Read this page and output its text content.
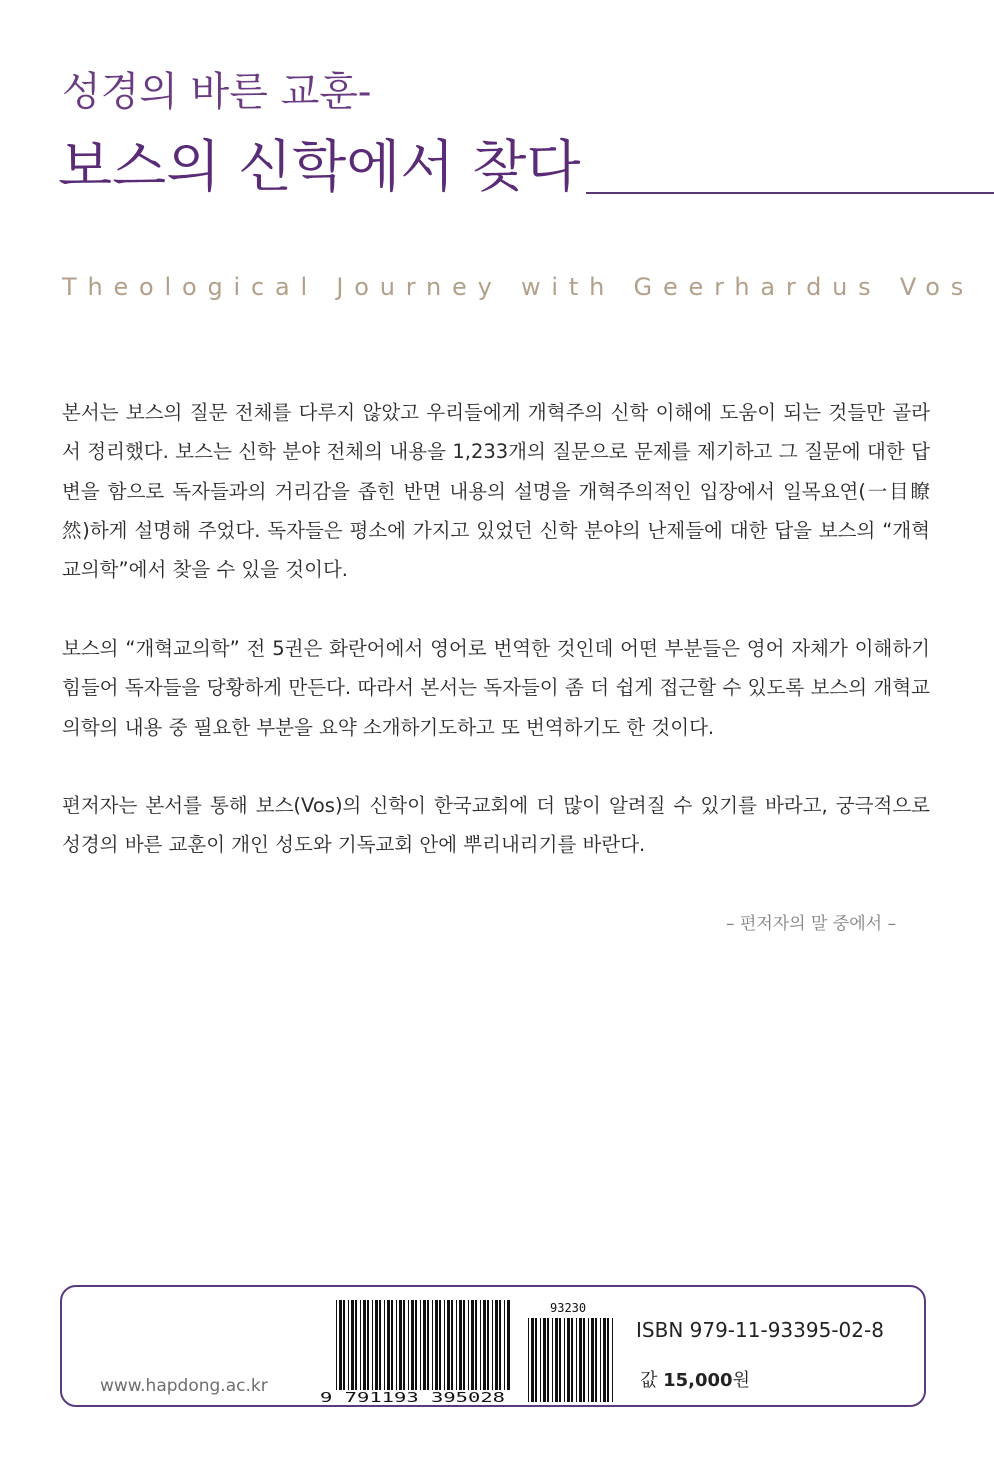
성경의 바른 교훈-
보스의 신학에서 찾다
Theological Journey with Geerhardus Vos

본서는 보스의 질문 전체를 다루지 않았고 우리들에게 개혁주의 신학 이해에 도움이 되는 것들만 골라서 정리했다. 보스는 신학 분야 전체의 내용을 1,233개의 질문으로 문제를 제기하고 그 질문에 대한 답변을 함으로 독자들과의 거리감을 좁힌 반면 내용의 설명을 개혁주의적인 입장에서 일목요연(一目瞭然)하게 설명해 주었다. 독자들은 평소에 가지고 있었던 신학 분야의 난제들에 대한 답을 보스의 “개혁교의학”에서 찾을 수 있을 것이다.

보스의 “개혁교의학” 전 5권은 화란어에서 영어로 번역한 것인데 어떤 부분들은 영어 자체가 이해하기 힘들어 독자들을 당황하게 만든다. 따라서 본서는 독자들이 좀 더 쉽게 접근할 수 있도록 보스의 개혁교의학의 내용 중 필요한 부분을 요약 소개하기도하고 또 번역하기도 한 것이다.

편저자는 본서를 통해 보스(Vos)의 신학이 한국교회에 더 많이 알려질 수 있기를 바라고, 궁극적으로 성경의 바른 교훈이 개인 성도와 기독교회 안에 뿌리내리기를 바란다.

– 편저자의 말 중에서 –
www.hapdong.ac.kr
9 791193 395028
93230
ISBN 979-11-93395-02-8
값 15,000원
